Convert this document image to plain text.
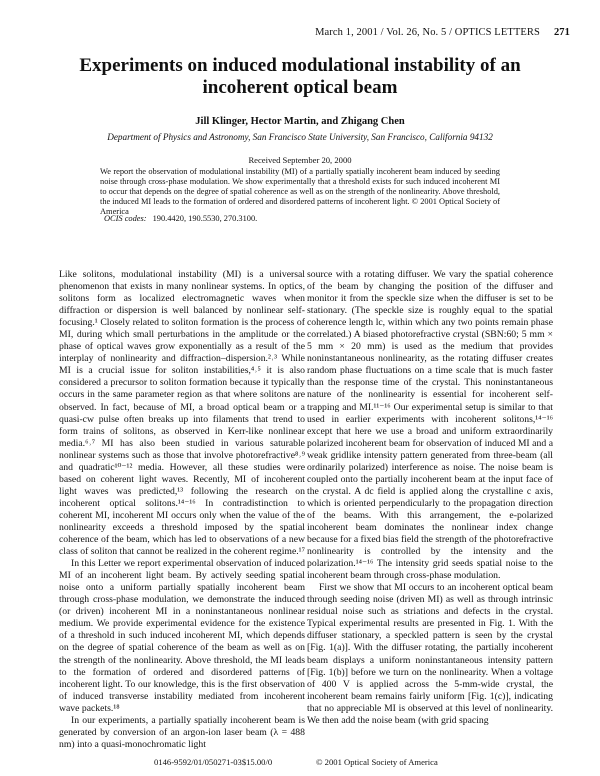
March 1, 2001 / Vol. 26, No. 5 / OPTICS LETTERS 271
Experiments on induced modulational instability of an incoherent optical beam
Jill Klinger, Hector Martin, and Zhigang Chen
Department of Physics and Astronomy, San Francisco State University, San Francisco, California 94132
Received September 20, 2000
We report the observation of modulational instability (MI) of a partially spatially incoherent beam induced by seeding noise through cross-phase modulation. We show experimentally that a threshold exists for such induced incoherent MI to occur that depends on the degree of spatial coherence as well as on the strength of the nonlinearity. Above threshold, the induced MI leads to the formation of ordered and disordered patterns of incoherent light. © 2001 Optical Society of America
OCIS codes: 190.4420, 190.5530, 270.3100.

Like solitons, modulational instability (MI) is a universal phenomenon that exists in many nonlinear systems. In optics, solitons form as localized electromagnetic waves when diffraction or dispersion is well balanced by nonlinear self-focusing.¹ Closely related to soliton formation is the process of MI, during which small perturbations in the amplitude or the phase of optical waves grow exponentially as a result of the interplay of nonlinearity and diffraction–dispersion.²˒³ While MI is a crucial issue for soliton instabilities,⁴˒⁵ it is also considered a precursor to soliton formation because it typically occurs in the same parameter region as that where solitons are observed. In fact, because of MI, a broad optical beam or a quasi-cw pulse often breaks up into filaments that trend to form trains of solitons, as observed in Kerr-like nonlinear media.⁶˒⁷ MI has also been studied in various saturable nonlinear systems such as those that involve photorefractive⁸˒⁹ and quadratic¹⁰⁻¹² media. However, all these studies were based on coherent light waves. Recently, MI of incoherent light waves was predicted,¹³ following the research on incoherent optical solitons.¹⁴⁻¹⁶ In contradistinction to coherent MI, incoherent MI occurs only when the value of the nonlinearity exceeds a threshold imposed by the spatial coherence of the beam, which has led to observations of a new class of soliton that cannot be realized in the coherent regime.¹⁷

In this Letter we report experimental observation of induced MI of an incoherent light beam. By actively seeding spatial noise onto a uniform partially spatially incoherent beam through cross-phase modulation, we demonstrate the induced (or driven) incoherent MI in a noninstantaneous nonlinear medium. We provide experimental evidence for the existence of a threshold in such induced incoherent MI, which depends on the degree of spatial coherence of the beam as well as on the strength of the nonlinearity. Above threshold, the MI leads to the formation of ordered and disordered patterns of incoherent light. To our knowledge, this is the first observation of induced transverse instability mediated from incoherent wave packets.¹⁸

In our experiments, a partially spatially incoherent beam is generated by conversion of an argon-ion laser beam (λ = 488 nm) into a quasi-monochromatic light

source with a rotating diffuser. We vary the spatial coherence of the beam by changing the position of the diffuser and monitor it from the speckle size when the diffuser is set to be stationary. (The speckle size is roughly equal to the spatial coherence length lc, within which any two points remain phase correlated.) A biased photorefractive crystal (SBN:60; 5 mm × 5 mm × 20 mm) is used as the medium that provides noninstantaneous nonlinearity, as the rotating diffuser creates random phase fluctuations on a time scale that is much faster than the response time of the crystal. This noninstantaneous nature of the nonlinearity is essential for incoherent self-trapping and MI.¹¹⁻¹⁶ Our experimental setup is similar to that used in earlier experiments with incoherent solitons,¹⁴⁻¹⁶ except that here we use a broad and uniform extraordinarily polarized incoherent beam for observation of induced MI and a weak gridlike intensity pattern generated from three-beam (all ordinarily polarized) interference as noise. The noise beam is coupled onto the partially incoherent beam at the input face of the crystal. A dc field is applied along the crystalline c axis, which is oriented perpendicularly to the propagation direction of the beams. With this arrangement, the e-polarized incoherent beam dominates the nonlinear index change because for a fixed bias field the strength of the photorefractive nonlinearity is controlled by the intensity and the polarization.¹⁴⁻¹⁶ The intensity grid seeds spatial noise to the incoherent beam through cross-phase modulation.

First we show that MI occurs to an incoherent optical beam through seeding noise (driven MI) as well as through intrinsic residual noise such as striations and defects in the crystal. Typical experimental results are presented in Fig. 1. With the diffuser stationary, a speckled pattern is seen by the crystal [Fig. 1(a)]. With the diffuser rotating, the partially incoherent beam displays a uniform noninstantaneous intensity pattern [Fig. 1(b)] before we turn on the nonlinearity. When a voltage of 400 V is applied across the 5-mm-wide crystal, the incoherent beam remains fairly uniform [Fig. 1(c)], indicating that no appreciable MI is observed at this level of nonlinearity. We then add the noise beam (with grid spacing

0146-9592/01/050271-03$15.00/0	© 2001 Optical Society of America
